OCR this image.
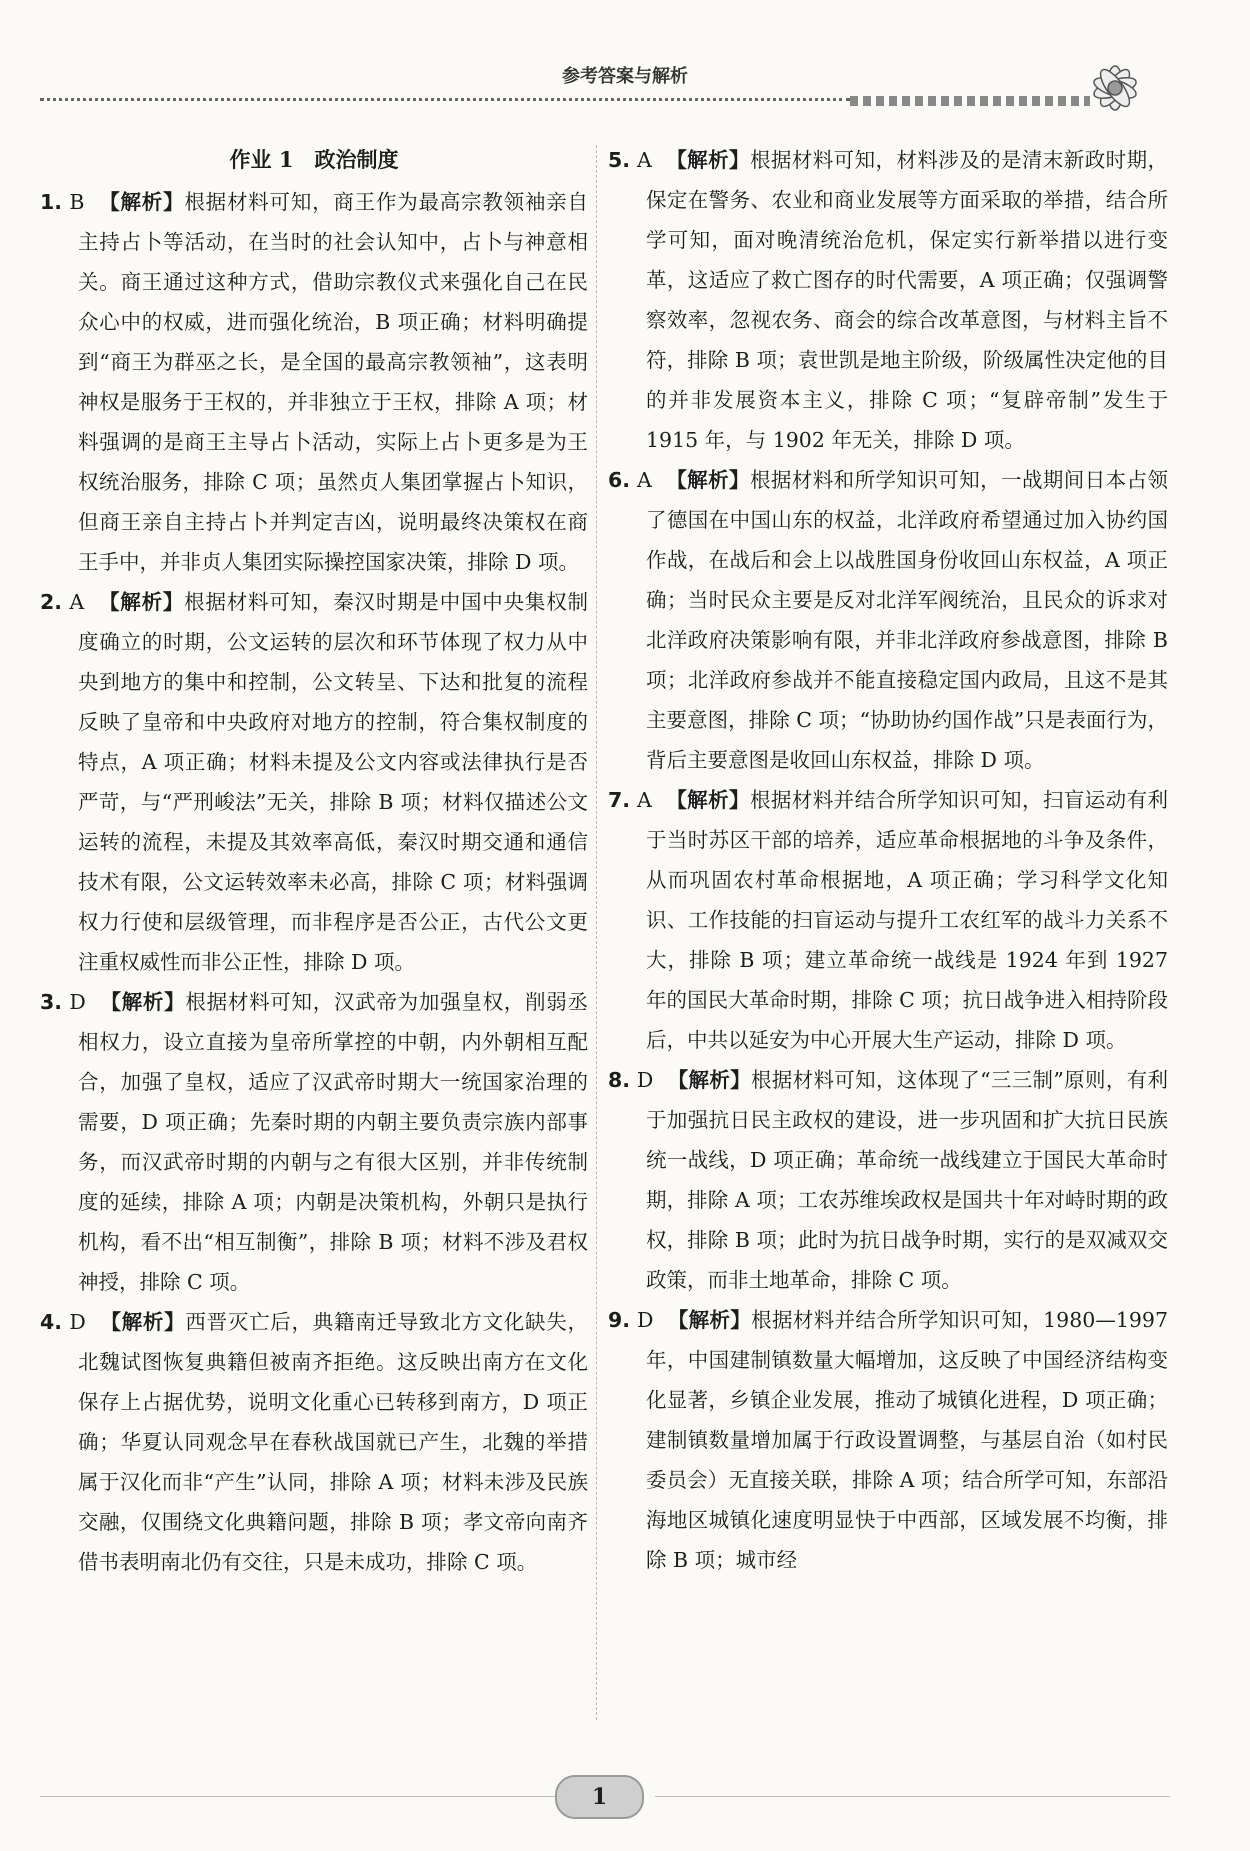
参考答案与解析
作业 1　政治制度
1. B 【解析】根据材料可知，商王作为最高宗教领袖亲自主持占卜等活动，在当时的社会认知中，占卜与神意相关。商王通过这种方式，借助宗教仪式来强化自己在民众心中的权威，进而强化统治，B 项正确；材料明确提到“商王为群巫之长，是全国的最高宗教领袖”，这表明神权是服务于王权的，并非独立于王权，排除 A 项；材料强调的是商王主导占卜活动，实际上占卜更多是为王权统治服务，排除 C 项；虽然贞人集团掌握占卜知识，但商王亲自主持占卜并判定吉凶，说明最终决策权在商王手中，并非贞人集团实际操控国家决策，排除 D 项。
2. A 【解析】根据材料可知，秦汉时期是中国中央集权制度确立的时期，公文运转的层次和环节体现了权力从中央到地方的集中和控制，公文转呈、下达和批复的流程反映了皇帝和中央政府对地方的控制，符合集权制度的特点，A 项正确；材料未提及公文内容或法律执行是否严苛，与“严刑峻法”无关，排除 B 项；材料仅描述公文运转的流程，未提及其效率高低，秦汉时期交通和通信技术有限，公文运转效率未必高，排除 C 项；材料强调权力行使和层级管理，而非程序是否公正，古代公文更注重权威性而非公正性，排除 D 项。
3. D 【解析】根据材料可知，汉武帝为加强皇权，削弱丞相权力，设立直接为皇帝所掌控的中朝，内外朝相互配合，加强了皇权，适应了汉武帝时期大一统国家治理的需要，D 项正确；先秦时期的内朝主要负责宗族内部事务，而汉武帝时期的内朝与之有很大区别，并非传统制度的延续，排除 A 项；内朝是决策机构，外朝只是执行机构，看不出“相互制衡”，排除 B 项；材料不涉及君权神授，排除 C 项。
4. D 【解析】西晋灭亡后，典籍南迁导致北方文化缺失，北魏试图恢复典籍但被南齐拒绝。这反映出南方在文化保存上占据优势，说明文化重心已转移到南方，D 项正确；华夏认同观念早在春秋战国就已产生，北魏的举措属于汉化而非“产生”认同，排除 A 项；材料未涉及民族交融，仅围绕文化典籍问题，排除 B 项；孝文帝向南齐借书表明南北仍有交往，只是未成功，排除 C 项。
5. A 【解析】根据材料可知，材料涉及的是清末新政时期，保定在警务、农业和商业发展等方面采取的举措，结合所学可知，面对晚清统治危机，保定实行新举措以进行变革，这适应了救亡图存的时代需要，A 项正确；仅强调警察效率，忽视农务、商会的综合改革意图，与材料主旨不符，排除 B 项；袁世凯是地主阶级，阶级属性决定他的目的并非发展资本主义，排除 C 项；“复辟帝制”发生于 1915 年，与 1902 年无关，排除 D 项。
6. A 【解析】根据材料和所学知识可知，一战期间日本占领了德国在中国山东的权益，北洋政府希望通过加入协约国作战，在战后和会上以战胜国身份收回山东权益，A 项正确；当时民众主要是反对北洋军阀统治，且民众的诉求对北洋政府决策影响有限，并非北洋政府参战意图，排除 B 项；北洋政府参战并不能直接稳定国内政局，且这不是其主要意图，排除 C 项；“协助协约国作战”只是表面行为，背后主要意图是收回山东权益，排除 D 项。
7. A 【解析】根据材料并结合所学知识可知，扫盲运动有利于当时苏区干部的培养，适应革命根据地的斗争及条件，从而巩固农村革命根据地，A 项正确；学习科学文化知识、工作技能的扫盲运动与提升工农红军的战斗力关系不大，排除 B 项；建立革命统一战线是 1924 年到 1927 年的国民大革命时期，排除 C 项；抗日战争进入相持阶段后，中共以延安为中心开展大生产运动，排除 D 项。
8. D 【解析】根据材料可知，这体现了“三三制”原则，有利于加强抗日民主政权的建设，进一步巩固和扩大抗日民族统一战线，D 项正确；革命统一战线建立于国民大革命时期，排除 A 项；工农苏维埃政权是国共十年对峙时期的政权，排除 B 项；此时为抗日战争时期，实行的是双减双交政策，而非土地革命，排除 C 项。
9. D 【解析】根据材料并结合所学知识可知，1980—1997 年，中国建制镇数量大幅增加，这反映了中国经济结构变化显著，乡镇企业发展，推动了城镇化进程，D 项正确；建制镇数量增加属于行政设置调整，与基层自治（如村民委员会）无直接关联，排除 A 项；结合所学可知，东部沿海地区城镇化速度明显快于中西部，区域发展不均衡，排除 B 项；城市经
1
